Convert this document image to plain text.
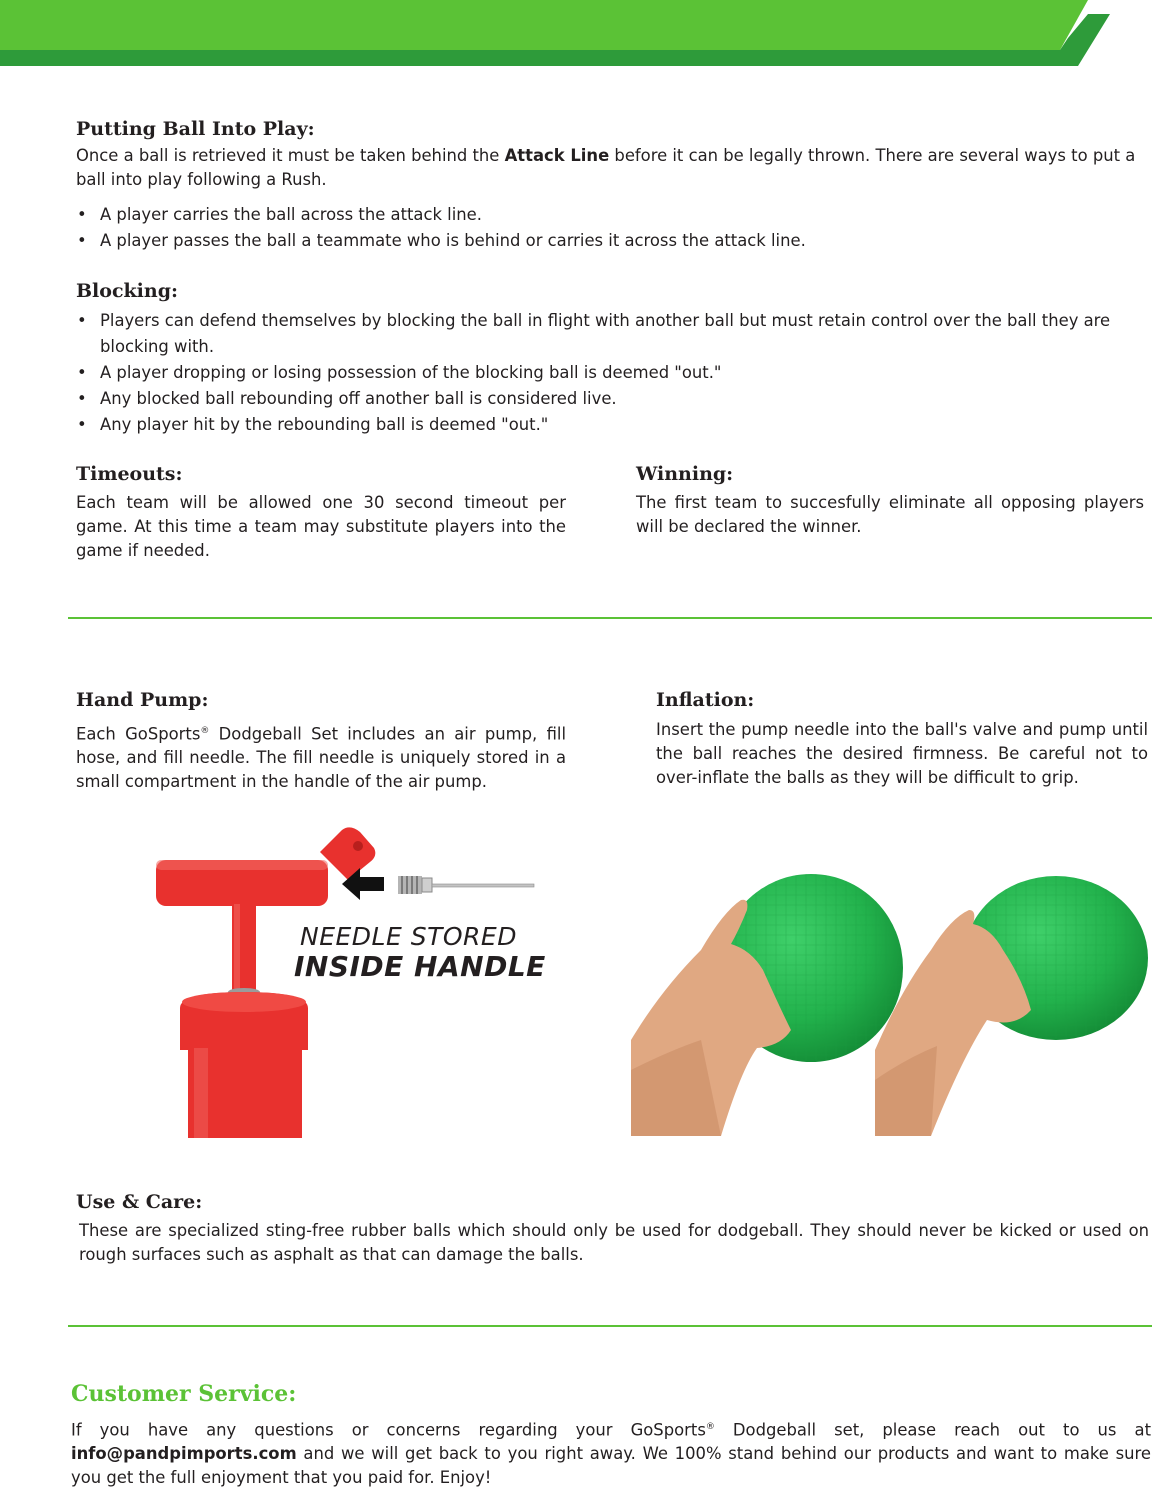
Putting Ball Into Play:
Once a ball is retrieved it must be taken behind the Attack Line before it can be legally thrown. There are several ways to put a ball into play following a Rush.
• A player carries the ball across the attack line.
• A player passes the ball a teammate who is behind or carries it across the attack line.
Blocking:
• Players can defend themselves by blocking the ball in flight with another ball but must retain control over the ball they are blocking with.
• A player dropping or losing possession of the blocking ball is deemed "out."
• Any blocked ball rebounding off another ball is considered live.
• Any player hit by the rebounding ball is deemed "out."
Timeouts:
Each team will be allowed one 30 second timeout per game. At this time a team may substitute players into the game if needed.
Winning:
The first team to succesfully eliminate all opposing players will be declared the winner.
Hand Pump:
Each GoSports® Dodgeball Set includes an air pump, fill hose, and fill needle. The fill needle is uniquely stored in a small compartment in the handle of the air pump.
Inflation:
Insert the pump needle into the ball's valve and pump until the ball reaches the desired firmness. Be careful not to over-inflate the balls as they will be difficult to grip.
NEEDLE STORED
INSIDE HANDLE
Use & Care:
These are specialized sting-free rubber balls which should only be used for dodgeball. They should never be kicked or used on rough surfaces such as asphalt as that can damage the balls.
Customer Service:
If you have any questions or concerns regarding your GoSports® Dodgeball set, please reach out to us at info@pandpimports.com and we will get back to you right away. We 100% stand behind our products and want to make sure you get the full enjoyment that you paid for. Enjoy!
